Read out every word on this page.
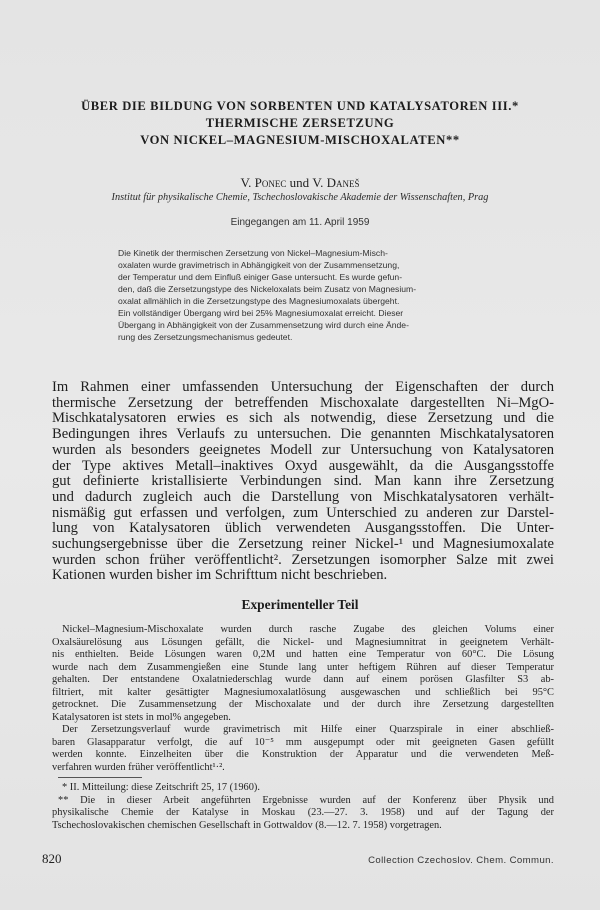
ÜBER DIE BILDUNG VON SORBENTEN UND KATALYSATOREN III.*
THERMISCHE ZERSETZUNG
VON NICKEL–MAGNESIUM-MISCHOXALATEN**
V. Ponec und V. Daneš
Institut für physikalische Chemie, Tschechoslovakische Akademie der Wissenschaften, Prag
Eingegangen am 11. April 1959
Die Kinetik der thermischen Zersetzung von Nickel–Magnesium-Misch-
oxalaten wurde gravimetrisch in Abhängigkeit von der Zusammensetzung,
der Temperatur und dem Einfluß einiger Gase untersucht. Es wurde gefun-
den, daß die Zersetzungstype des Nickeloxalats beim Zusatz von Magnesium-
oxalat allmählich in die Zersetzungstype des Magnesiumoxalats übergeht.
Ein vollständiger Übergang wird bei 25% Magnesiumoxalat erreicht. Dieser
Übergang in Abhängigkeit von der Zusammensetzung wird durch eine Ände-
rung des Zersetzungsmechanismus gedeutet.
Im Rahmen einer umfassenden Untersuchung der Eigenschaften der durch
thermische Zersetzung der betreffenden Mischoxalate dargestellten Ni–MgO-
Mischkatalysatoren erwies es sich als notwendig, diese Zersetzung und die
Bedingungen ihres Verlaufs zu untersuchen. Die genannten Mischkatalysatoren
wurden als besonders geeignetes Modell zur Untersuchung von Katalysatoren
der Type aktives Metall–inaktives Oxyd ausgewählt, da die Ausgangsstoffe
gut definierte kristallisierte Verbindungen sind. Man kann ihre Zersetzung
und dadurch zugleich auch die Darstellung von Mischkatalysatoren verhält-
nismäßig gut erfassen und verfolgen, zum Unterschied zu anderen zur Darstel-
lung von Katalysatoren üblich verwendeten Ausgangsstoffen. Die Unter-
suchungsergebnisse über die Zersetzung reiner Nickel-¹ und Magnesiumoxalate
wurden schon früher veröffentlicht². Zersetzungen isomorpher Salze mit zwei
Kationen wurden bisher im Schrifttum nicht beschrieben.
Experimenteller Teil
Nickel–Magnesium-Mischoxalate wurden durch rasche Zugabe des gleichen Volums einer
Oxalsäurelösung aus Lösungen gefällt, die Nickel- und Magnesiumnitrat in geeignetem Verhält-
nis enthielten. Beide Lösungen waren 0,2M und hatten eine Temperatur von 60°C. Die Lösung
wurde nach dem Zusammengießen eine Stunde lang unter heftigem Rühren auf dieser Temperatur
gehalten. Der entstandene Oxalatniederschlag wurde dann auf einem porösen Glasfilter S3 ab-
filtriert, mit kalter gesättigter Magnesiumoxalatlösung ausgewaschen und schließlich bei 95°C
getrocknet. Die Zusammensetzung der Mischoxalate und der durch ihre Zersetzung dargestellten
Katalysatoren ist stets in mol% angegeben.
Der Zersetzungsverlauf wurde gravimetrisch mit Hilfe einer Quarzspirale in einer abschließ-
baren Glasapparatur verfolgt, die auf 10⁻⁵ mm ausgepumpt oder mit geeigneten Gasen gefüllt
werden konnte. Einzelheiten über die Konstruktion der Apparatur und die verwendeten Meß-
verfahren wurden früher veröffentlicht¹·².
* II. Mitteilung: diese Zeitschrift 25, 17 (1960).
** Die in dieser Arbeit angeführten Ergebnisse wurden auf der Konferenz über Physik und
physikalische Chemie der Katalyse in Moskau (23.—27. 3. 1958) und auf der Tagung der
Tschechoslovakischen chemischen Gesellschaft in Gottwaldov (8.—12. 7. 1958) vorgetragen.
820	Collection Czechoslov. Chem. Commun.
